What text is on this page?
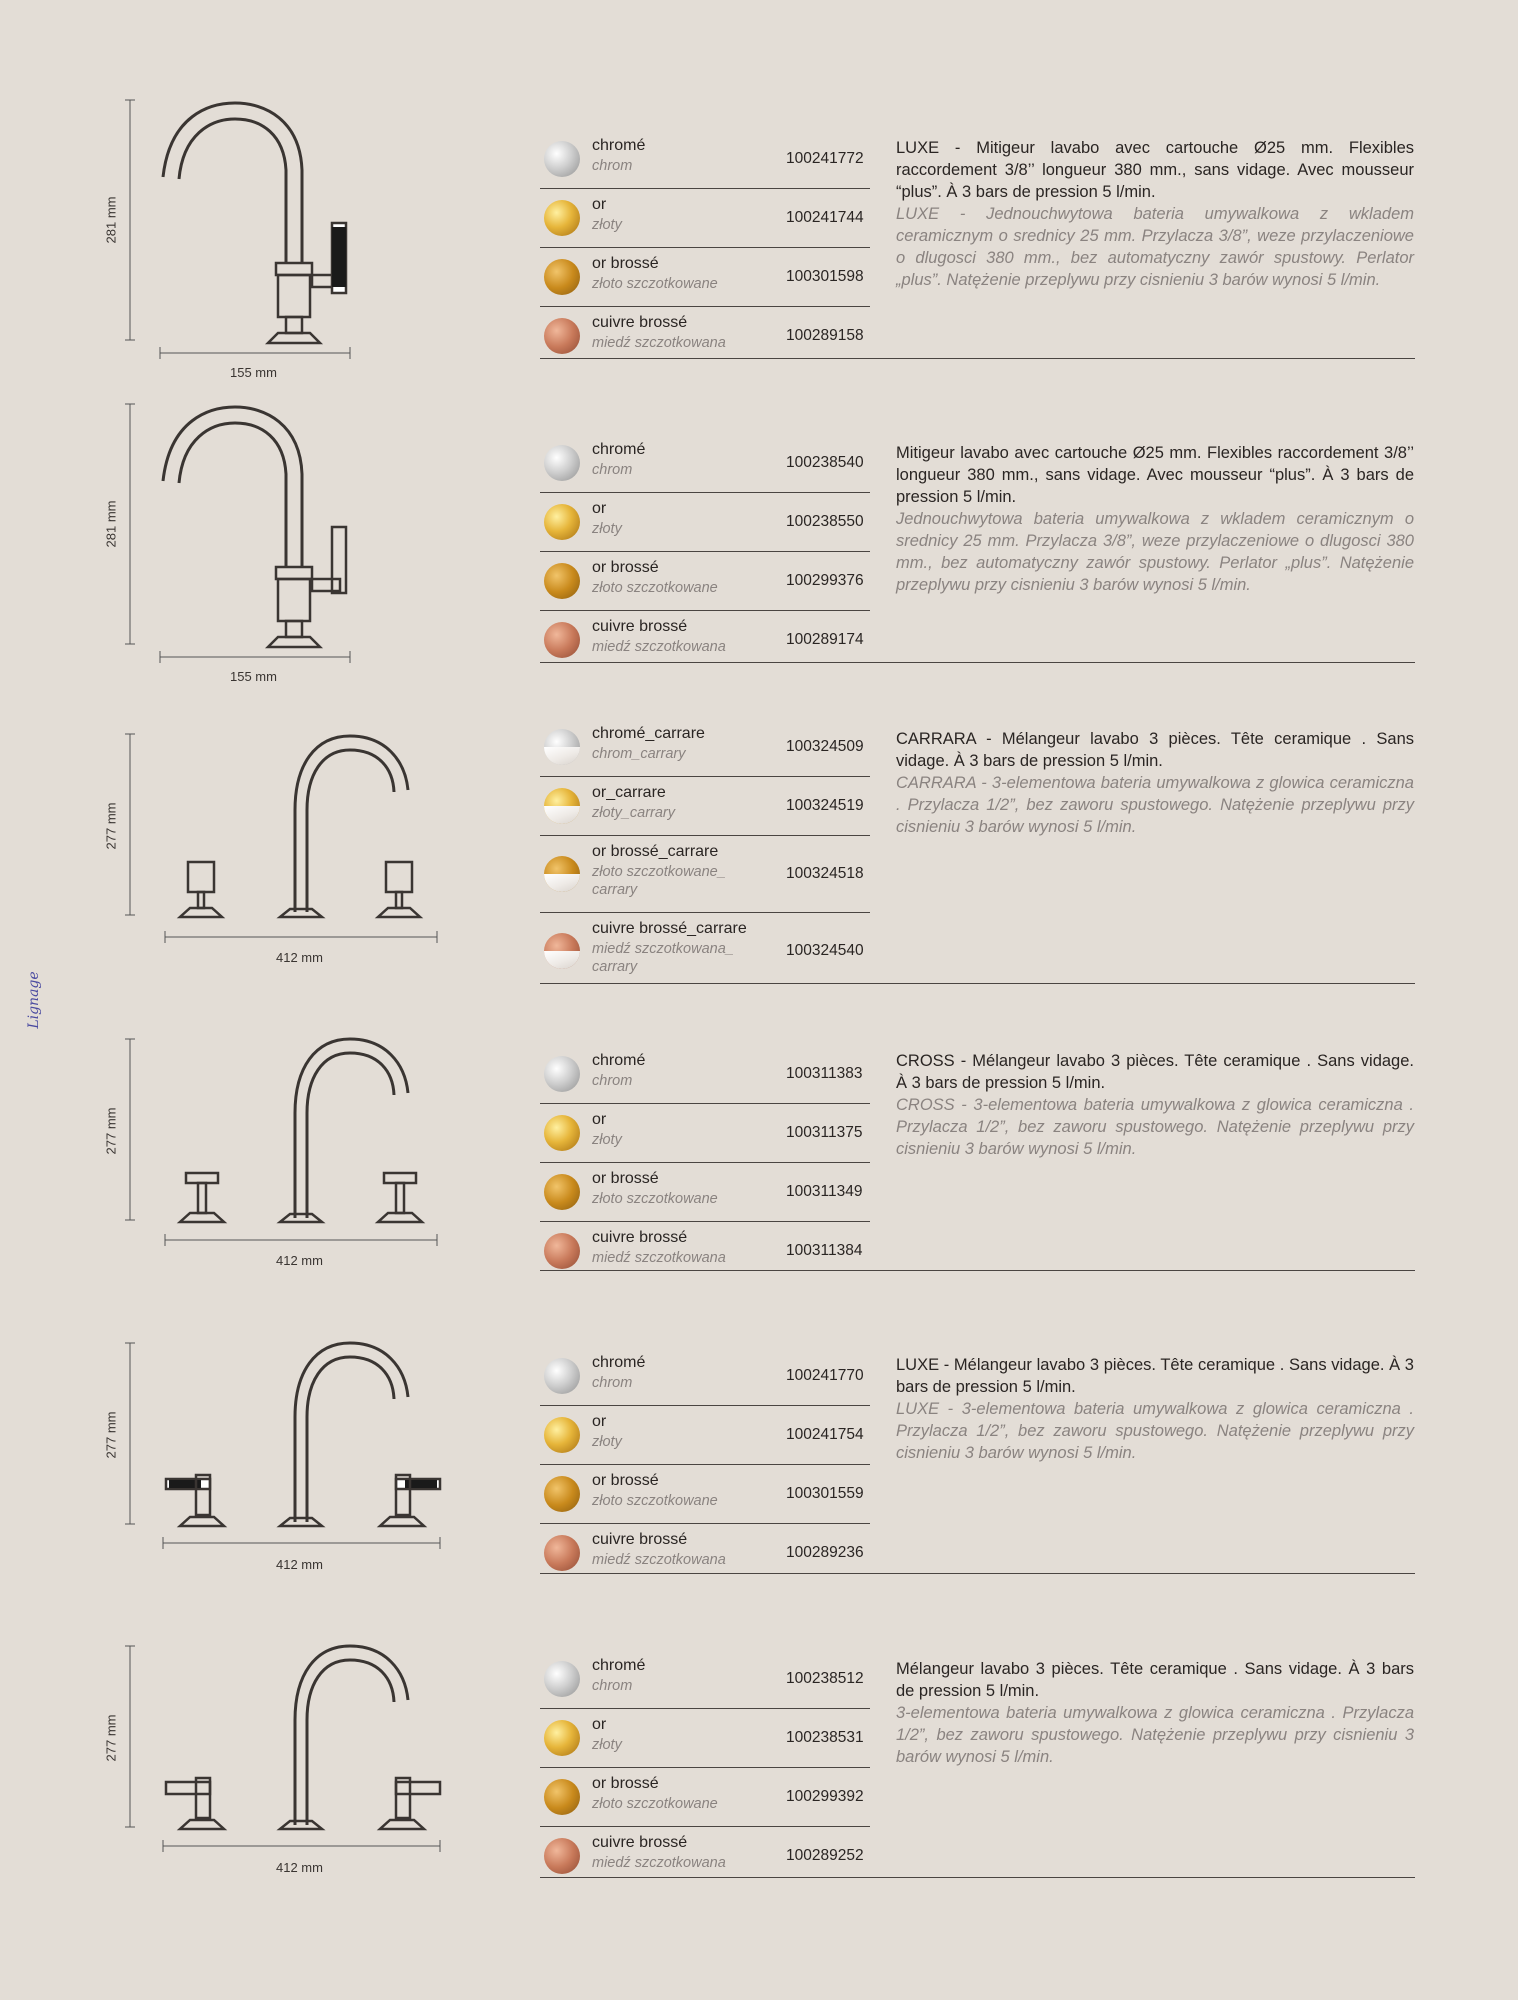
Lignage
281 mm
155 mm
chromé
chrom	100241772
or
złoty	100241744
or brossé
złoto szczotkowane	100301598
cuivre brossé
miedź szczotkowana	100289158
LUXE - Mitigeur lavabo avec cartouche Ø25 mm. Flexibles raccordement 3/8’’ longueur 380 mm., sans vidage. Avec mousseur “plus”. À 3 bars de pression 5 l/min.
LUXE - Jednouchwytowa bateria umywalkowa z wkladem ceramicznym o srednicy 25 mm. Przylacza 3/8”, weze przylaczeniowe o dlugosci 380 mm., bez automatyczny zawór spustowy. Perlator „plus”. Natężenie przeplywu przy cisnieniu 3 barów wynosi 5 l/min.
281 mm
155 mm
chromé
chrom	100238540
or
złoty	100238550
or brossé
złoto szczotkowane	100299376
cuivre brossé
miedź szczotkowana	100289174
Mitigeur lavabo avec cartouche Ø25 mm. Flexibles raccordement 3/8’’ longueur 380 mm., sans vidage. Avec mousseur “plus”. À 3 bars de pression 5 l/min.
Jednouchwytowa bateria umywalkowa z wkladem ceramicznym o srednicy 25 mm. Przylacza 3/8”, weze przylaczeniowe o dlugosci 380 mm., bez automatyczny zawór spustowy. Perlator „plus”. Natężenie przeplywu przy cisnieniu 3 barów wynosi 5 l/min.
277 mm
412 mm
chromé_carrare
chrom_carrary	100324509
or_carrare
złoty_carrary	100324519
or brossé_carrare
złoto szczotkowane_ carrary
100324518
cuivre brossé_carrare
miedź szczotkowana_ carrary
100324540
CARRARA - Mélangeur lavabo 3 pièces. Tête ceramique . Sans vidage. À 3 bars de pression 5 l/min.
CARRARA - 3-elementowa bateria umywalkowa z glowica ceramiczna . Przylacza 1/2”, bez zaworu spustowego. Natężenie przeplywu przy cisnieniu 3 barów wynosi 5 l/min.
277 mm
412 mm
chromé
chrom	100311383
or
złoty	100311375
or brossé
złoto szczotkowane	100311349
cuivre brossé
miedź szczotkowana	100311384
CROSS - Mélangeur lavabo 3 pièces. Tête ceramique . Sans vidage. À 3 bars de pression 5 l/min.
CROSS - 3-elementowa bateria umywalkowa z glowica ceramiczna . Przylacza 1/2”, bez zaworu spustowego. Natężenie przeplywu przy cisnieniu 3 barów wynosi 5 l/min.
277 mm
412 mm
chromé
chrom	100241770
or
złoty	100241754
or brossé
złoto szczotkowane	100301559
cuivre brossé
miedź szczotkowana	100289236
LUXE - Mélangeur lavabo 3 pièces. Tête ceramique . Sans vidage. À 3 bars de pression 5 l/min.
LUXE - 3-elementowa bateria umywalkowa z glowica ceramiczna . Przylacza 1/2”, bez zaworu spustowego. Natężenie przeplywu przy cisnieniu 3 barów wynosi 5 l/min.
277 mm
412 mm
chromé
chrom	100238512
or
złoty	100238531
or brossé
złoto szczotkowane	100299392
cuivre brossé
miedź szczotkowana	100289252
Mélangeur lavabo 3 pièces. Tête ceramique . Sans vidage. À 3 bars de pression 5 l/min.
3-elementowa bateria umywalkowa z glowica ceramiczna . Przylacza 1/2”, bez zaworu spustowego. Natężenie przeplywu przy cisnieniu 3 barów wynosi 5 l/min.
